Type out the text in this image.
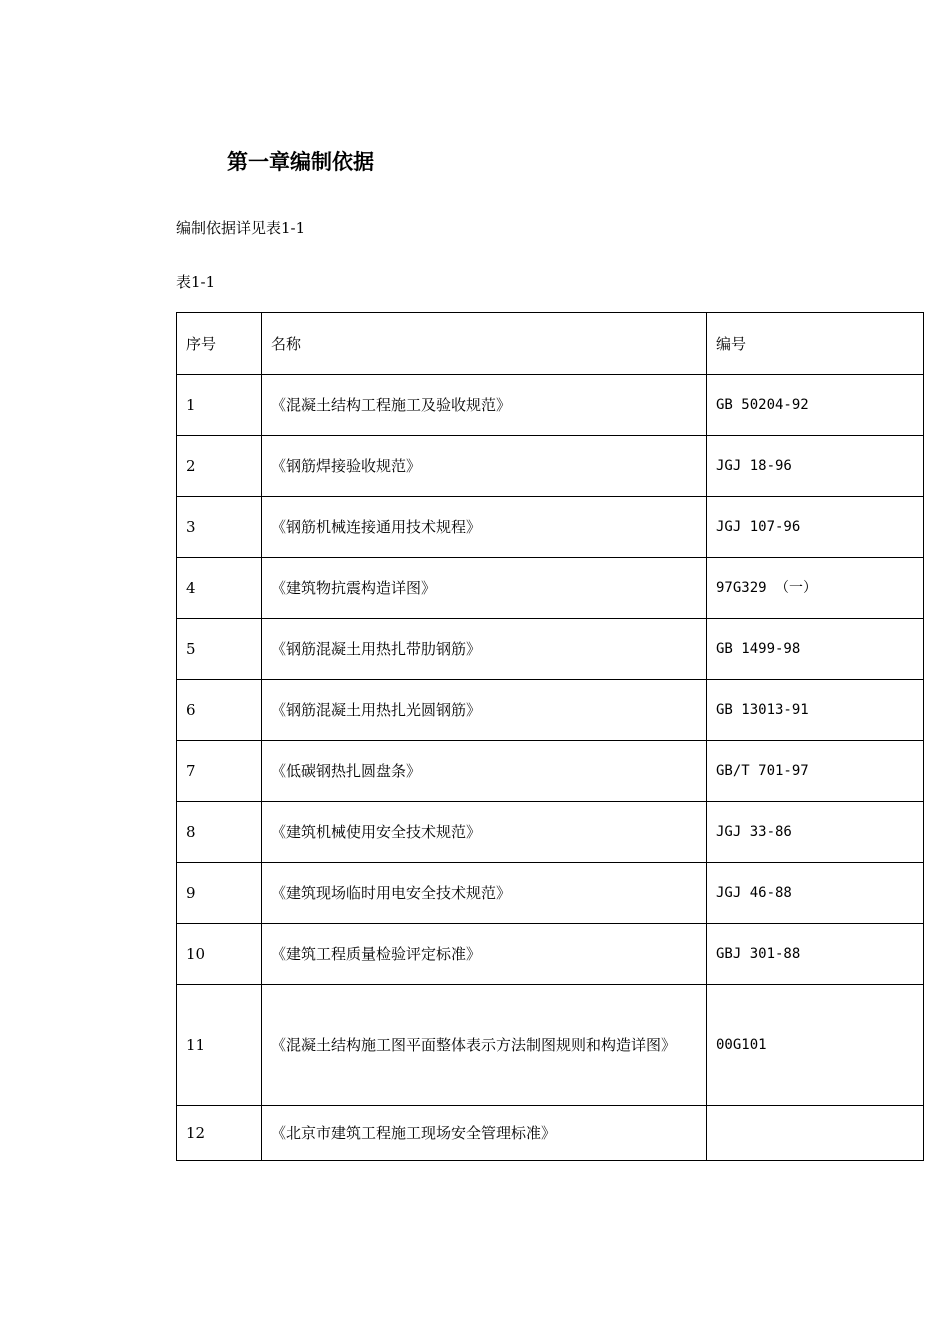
第一章编制依据

编制依据详见表1-1

表1-1

序号	名称	编号
1	《混凝土结构工程施工及验收规范》	GB 50204-92
2	《钢筋焊接验收规范》	JGJ 18-96
3	《钢筋机械连接通用技术规程》	JGJ 107-96
4	《建筑物抗震构造详图》	97G329 （一）
5	《钢筋混凝土用热扎带肋钢筋》	GB 1499-98
6	《钢筋混凝土用热扎光圆钢筋》	GB 13013-91
7	《低碳钢热扎圆盘条》	GB/T 701-97
8	《建筑机械使用安全技术规范》	JGJ 33-86
9	《建筑现场临时用电安全技术规范》	JGJ 46-88
10	《建筑工程质量检验评定标准》	GBJ 301-88
11	《混凝土结构施工图平面整体表示方法制图规则和构造详图》	00G101
12	《北京市建筑工程施工现场安全管理标准》	
